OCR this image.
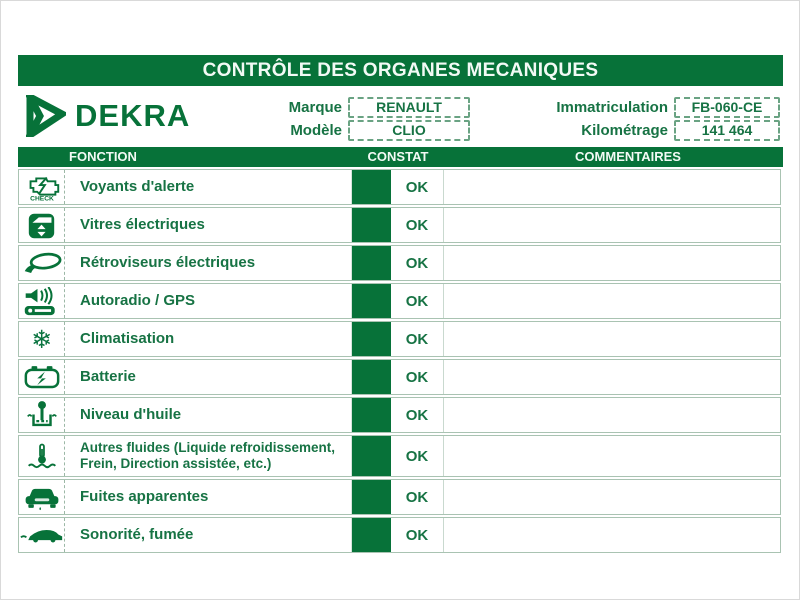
CONTRÔLE DES ORGANES MECANIQUES
DEKRA	Marque	RENAULT
Modèle	CLIO
Immatriculation	FB-060-CE
Kilométrage	141 464
FONCTION	CONSTAT	COMMENTAIRES
CHECK
Voyants d'alerte	OK
Vitres électriques	OK
Rétroviseurs électriques	OK
Autoradio / GPS	OK
❄	Climatisation	OK
Batterie	OK
Niveau d'huile	OK
Autres fluides (Liquide refroidissement, Frein, Direction assistée, etc.)	OK
Fuites apparentes	OK
Sonorité, fumée	OK
